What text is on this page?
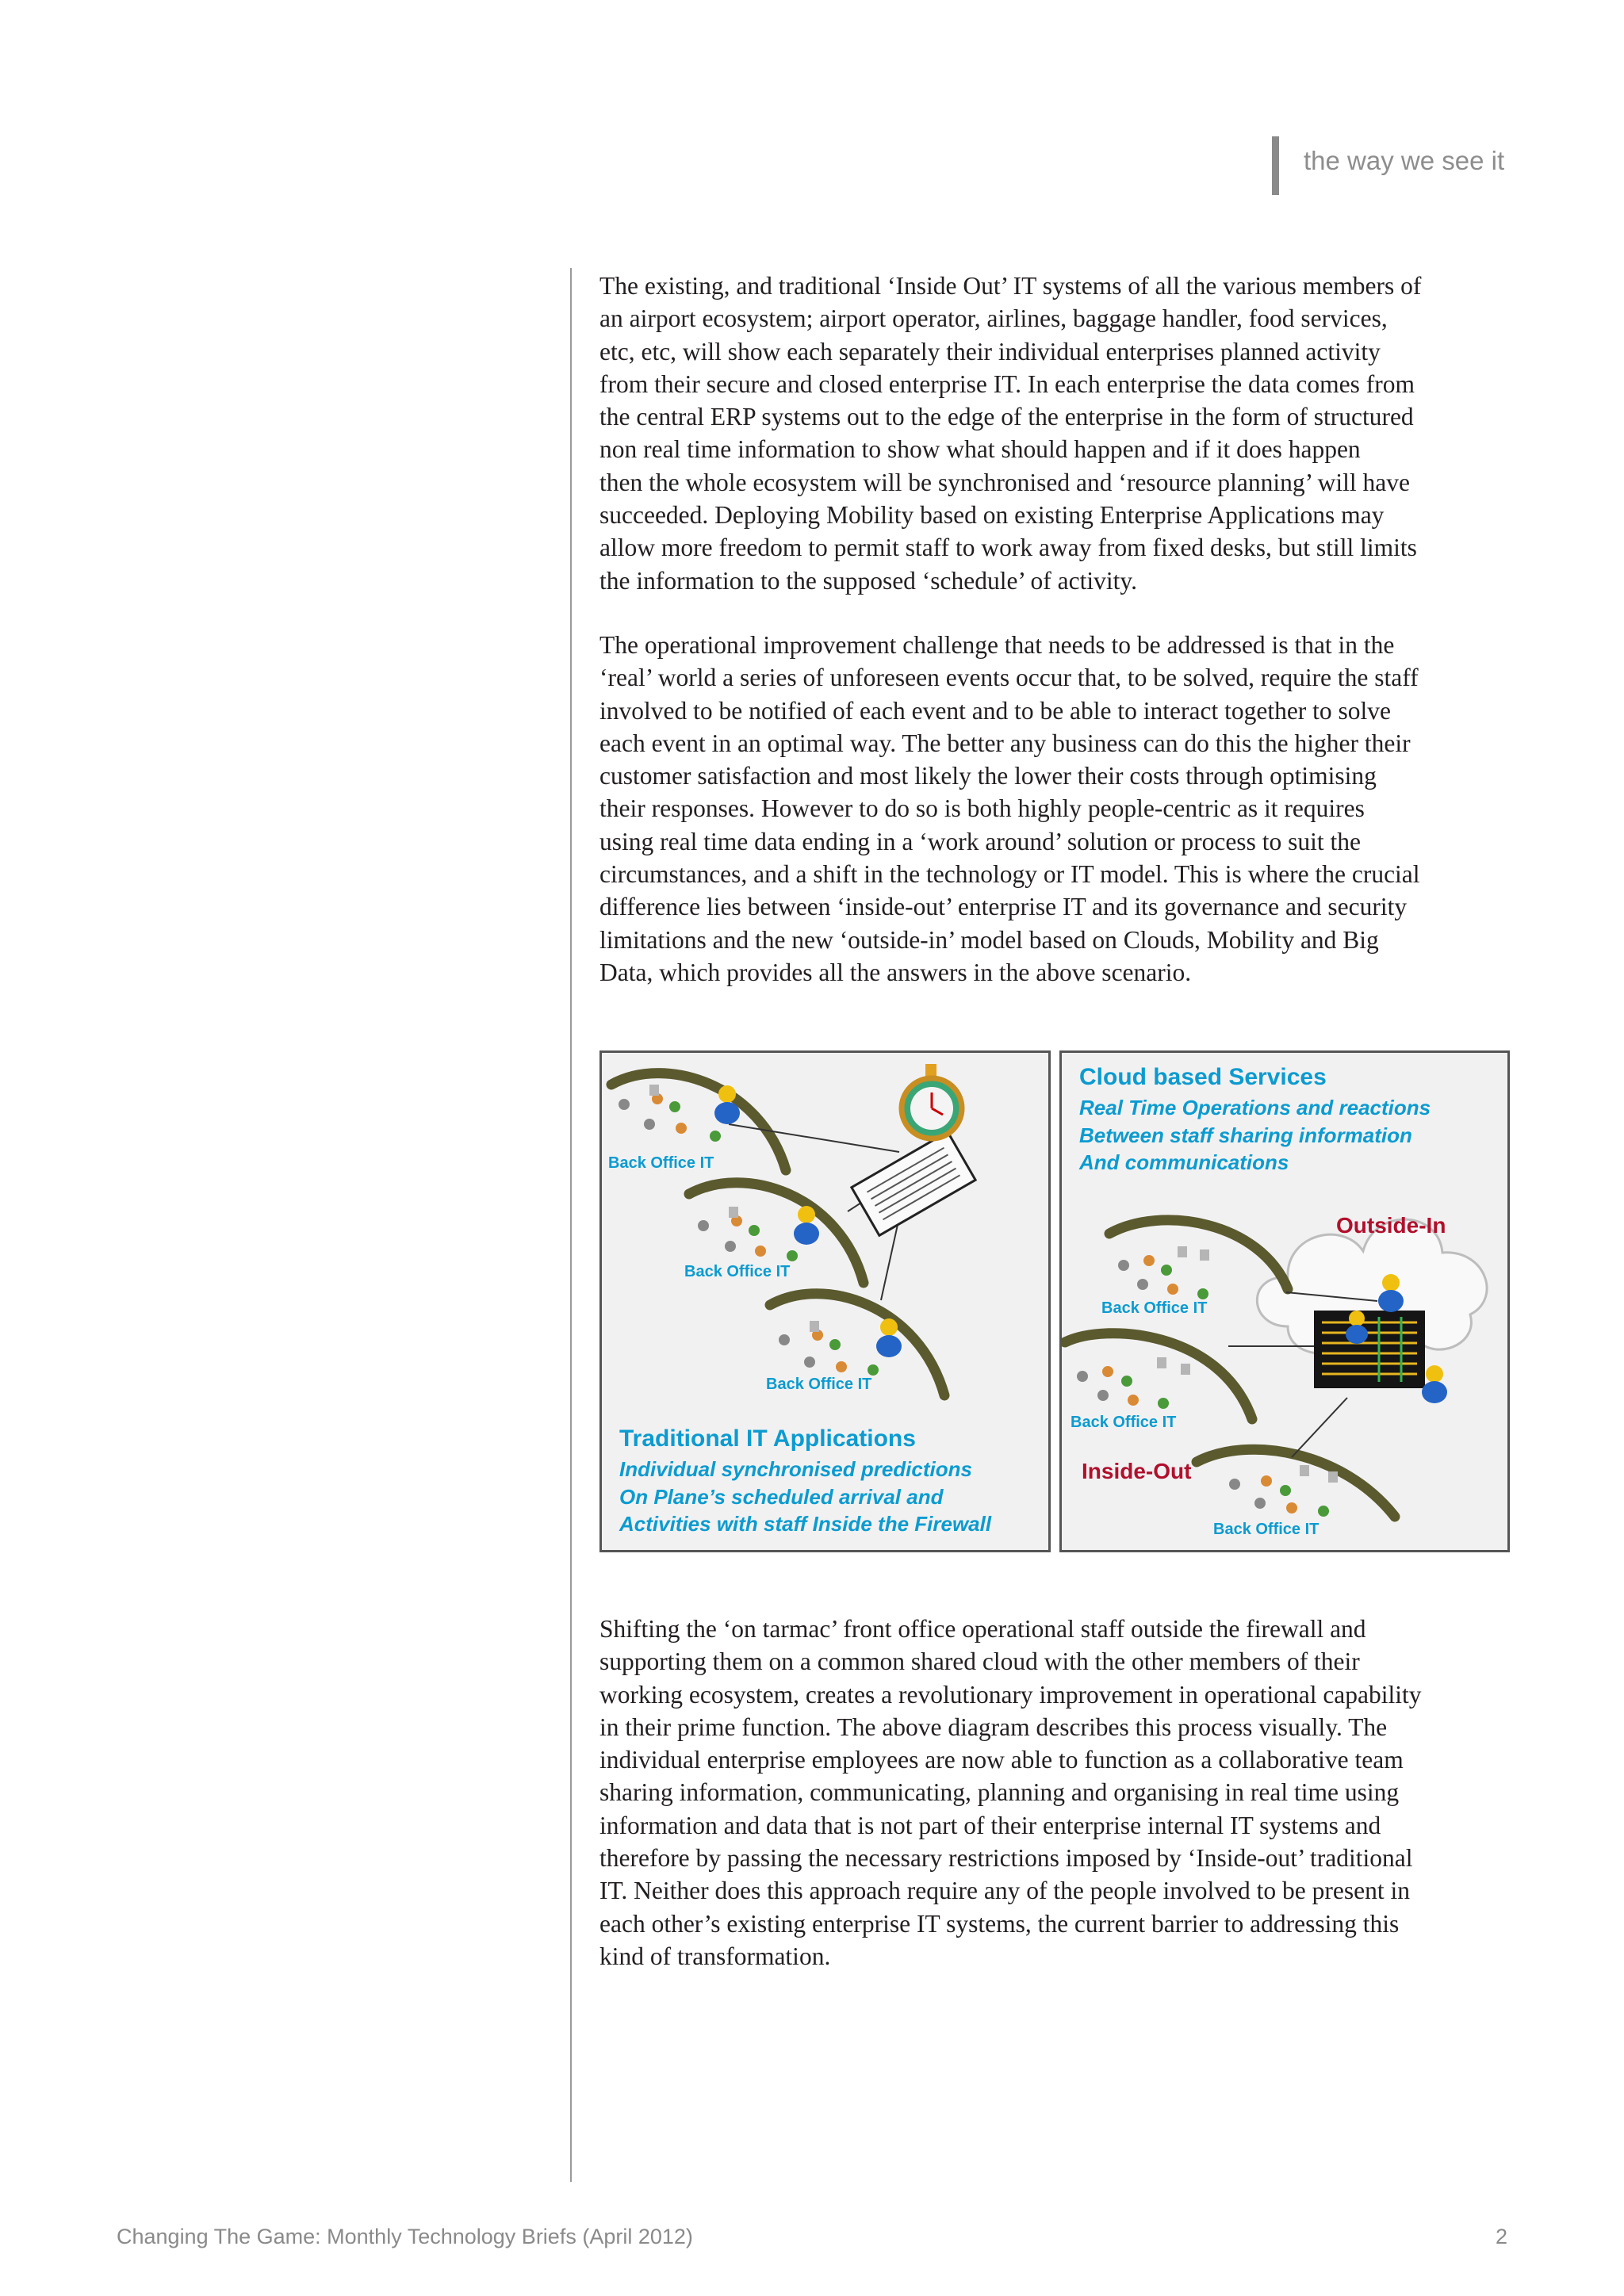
the way we see it

The existing, and traditional ‘Inside Out’ IT systems of all the various members of
an airport ecosystem; airport operator, airlines, baggage handler, food services,
etc, etc, will show each separately their individual enterprises planned activity
from their secure and closed enterprise IT. In each enterprise the data comes from
the central ERP systems out to the edge of the enterprise in the form of structured
non real time information to show what should happen and if it does happen
then the whole ecosystem will be synchronised and ‘resource planning’ will have
succeeded. Deploying Mobility based on existing Enterprise Applications may
allow more freedom to permit staff to work away from fixed desks, but still limits
the information to the supposed ‘schedule’ of activity.

The operational improvement challenge that needs to be addressed is that in the
‘real’ world a series of unforeseen events occur that, to be solved, require the staff
involved to be notified of each event and to be able to interact together to solve
each event in an optimal way. The better any business can do this the higher their
customer satisfaction and most likely the lower their costs through optimising
their responses. However to do so is both highly people-centric as it requires
using real time data ending in a ‘work around’ solution or process to suit the
circumstances, and a shift in the technology or IT model. This is where the crucial
difference lies between ‘inside-out’ enterprise IT and its governance and security
limitations and the new ‘outside-in’ model based on Clouds, Mobility and Big
Data, which provides all the answers in the above scenario.

Back Office IT
Back Office IT
Back Office IT
Traditional IT Applications
Individual synchronised predictions
On Plane’s scheduled arrival and
Activities with staff Inside the Firewall
Cloud based Services
Real Time Operations and reactions
Between staff sharing information
And communications
Outside-In
Back Office IT
Back Office IT
Inside-Out
Back Office IT

Shifting the ‘on tarmac’ front office operational staff outside the firewall and
supporting them on a common shared cloud with the other members of their
working ecosystem, creates a revolutionary improvement in operational capability
in their prime function. The above diagram describes this process visually. The
individual enterprise employees are now able to function as a collaborative team
sharing information, communicating, planning and organising in real time using
information and data that is not part of their enterprise internal IT systems and
therefore by passing the necessary restrictions imposed by ‘Inside-out’ traditional
IT. Neither does this approach require any of the people involved to be present in
each other’s existing enterprise IT systems, the current barrier to addressing this
kind of transformation.

Changing The Game: Monthly Technology Briefs (April 2012)	2
